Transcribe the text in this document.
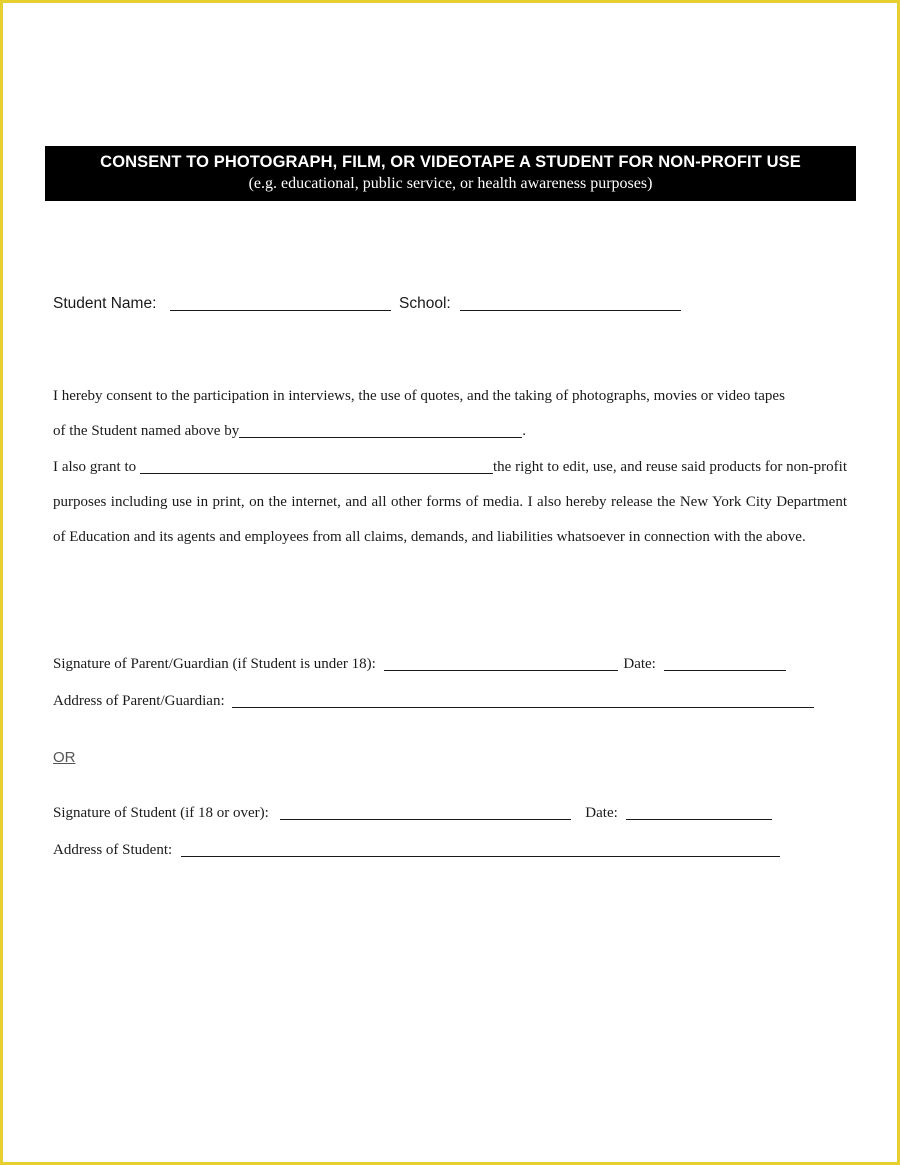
CONSENT TO PHOTOGRAPH, FILM, OR VIDEOTAPE A STUDENT FOR NON-PROFIT USE
(e.g. educational, public service, or health awareness purposes)
Student Name:	School:

I hereby consent to the participation in interviews, the use of quotes, and the taking of photographs, movies or video tapes

of the Student named above by	.

I also grant to	the right to edit, use, and reuse said products for non-profit purposes including use in print, on the internet, and all other forms of media. I also hereby release the New York City Department of Education and its agents and employees from all claims, demands, and liabilities whatsoever in connection with the above.

Signature of Parent/Guardian (if Student is under 18):	Date:
Address of Parent/Guardian:
OR
Signature of Student (if 18 or over):	Date:
Address of Student:
